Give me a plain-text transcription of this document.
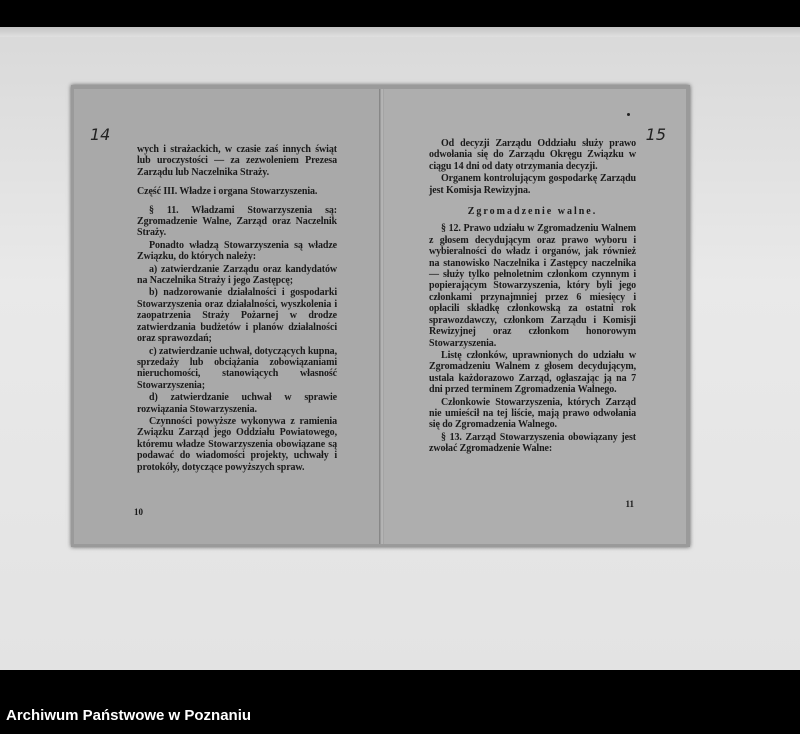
14

wych i strażackich, w czasie zaś innych świąt lub uroczystości — za zezwoleniem Prezesa Zarządu lub Naczelnika Straży.

Część III. Władze i organa Stowarzyszenia.

§ 11. Władzami Stowarzyszenia są: Zgromadzenie Walne, Zarząd oraz Naczelnik Straży.

Ponadto władzą Stowarzyszenia są władze Związku, do których należy:

a) zatwierdzanie Zarządu oraz kandydatów na Naczelnika Straży i jego Zastępcę;

b) nadzorowanie działalności i gospodarki Stowarzyszenia oraz działalności, wyszkolenia i zaopatrzenia Straży Pożarnej w drodze zatwierdzania budżetów i planów działalności oraz sprawozdań;

c) zatwierdzanie uchwał, dotyczących kupna, sprzedaży lub obciążania zobowiązaniami nieruchomości, stanowiących własność Stowarzyszenia;

d) zatwierdzanie uchwał w sprawie rozwiązania Stowarzyszenia.

Czynności powyższe wykonywa z ramienia Związku Zarząd jego Oddziału Powiatowego, któremu władze Stowarzyszenia obowiązane są podawać do wiadomości projekty, uchwały i protokóły, dotyczące powyższych spraw.

10
15

Od decyzji Zarządu Oddziału służy prawo odwołania się do Zarządu Okręgu Związku w ciągu 14 dni od daty otrzymania decyzji.

Organem kontrolującym gospodarkę Zarządu jest Komisja Rewizyjna.

Zgromadzenie walne.

§ 12. Prawo udziału w Zgromadzeniu Walnem z głosem decydującym oraz prawo wyboru i wybieralności do władz i organów, jak również na stanowisko Naczelnika i Zastępcy naczelnika — służy tylko pełnoletnim członkom czynnym i popierającym Stowarzyszenia, który byli jego członkami przynajmniej przez 6 miesięcy i opłacili składkę członkowską za ostatni rok sprawozdawczy, członkom Zarządu i Komisji Rewizyjnej oraz członkom honorowym Stowarzyszenia.

Listę członków, uprawnionych do udziału w Zgromadzeniu Walnem z głosem decydującym, ustala każdorazowo Zarząd, ogłaszając ją na 7 dni przed terminem Zgromadzenia Walnego.

Członkowie Stowarzyszenia, których Zarząd nie umieścił na tej liście, mają prawo odwołania się do Zgromadzenia Walnego.

§ 13. Zarząd Stowarzyszenia obowiązany jest zwołać Zgromadzenie Walne:

11
Archiwum Państwowe w Poznaniu
